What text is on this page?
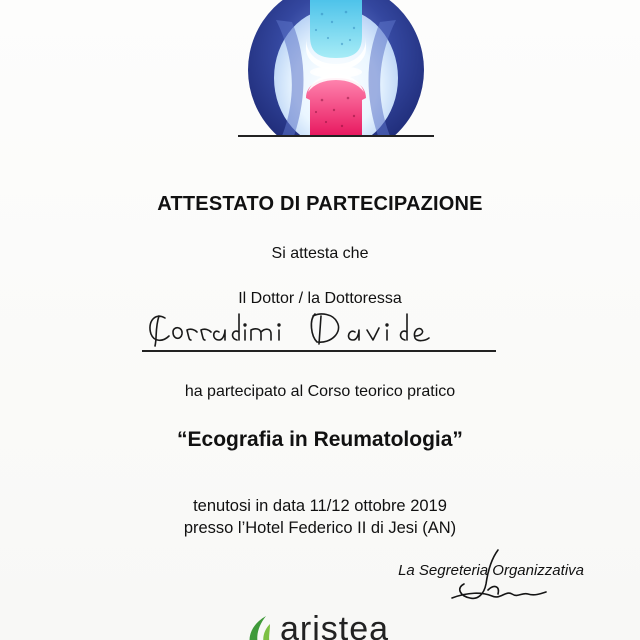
ATTESTATO DI PARTECIPAZIONE
Si attesta che
Il Dottor / la Dottoressa
ha partecipato al Corso teorico pratico
“Ecografia in Reumatologia”
tenutosi in data 11/12 ottobre 2019
presso l’Hotel Federico II di Jesi (AN)
La Segreteria Organizzativa
aristea
